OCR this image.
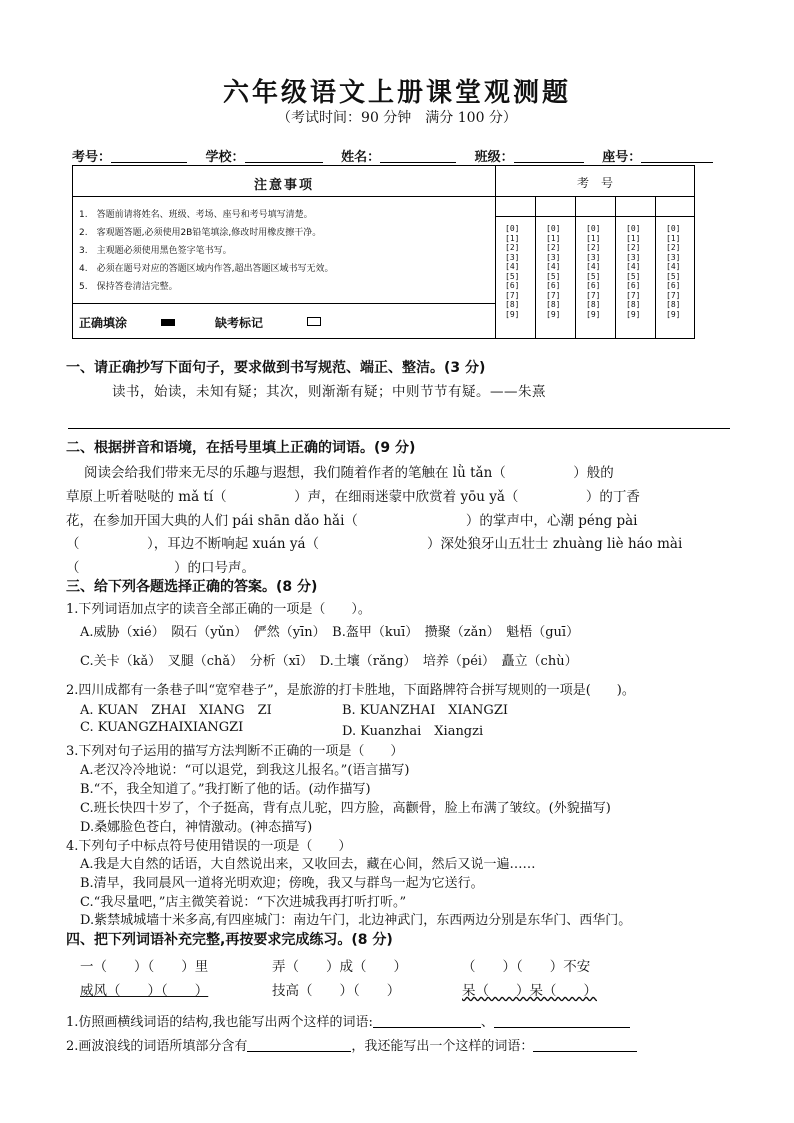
六年级语文上册课堂观测题
（考试时间：90 分钟　满分 100 分）
考号：	学校：	姓名：	班级：	座号：
注意事项	考　号
1.　答题前请将姓名、班级、考场、座号和考号填写清楚。
2.　客观题答题,必须使用2B铅笔填涂,修改时用橡皮擦干净。
3.　主观题必须使用黑色签字笔书写。
4.　必须在题号对应的答题区域内作答,超出答题区域书写无效。
5.　保持答卷清洁完整。
正确填涂	缺考标记
[0]
[1]
[2]
[3]
[4]
[5]
[6]
[7]
[8]
[9]
[0]
[1]
[2]
[3]
[4]
[5]
[6]
[7]
[8]
[9]
[0]
[1]
[2]
[3]
[4]
[5]
[6]
[7]
[8]
[9]
[0]
[1]
[2]
[3]
[4]
[5]
[6]
[7]
[8]
[9]
[0]
[1]
[2]
[3]
[4]
[5]
[6]
[7]
[8]
[9]
一、请正确抄写下面句子，要求做到书写规范、端正、整洁。(3 分)
读书，始读，未知有疑；其次，则渐渐有疑；中则节节有疑。——朱熹
二、根据拼音和语境，在括号里填上正确的词语。(9 分)
阅读会给我们带来无尽的乐趣与遐想，我们随着作者的笔触在 lǜ tǎn（　　　　　）般的
草原上听着哒哒的 mǎ tí（　　　　　）声，在细雨迷蒙中欣赏着 yōu yǎ（　　　　　）的丁香
花，在参加开国大典的人们 pái shān dǎo hǎi（　　　　　　　　）的掌声中，心潮 péng pài
（　　　　　），耳边不断响起 xuán yá（　　　　　　　　）深处狼牙山五壮士 zhuàng liè háo mài
（　　　　　　　）的口号声。
三、给下列各题选择正确的答案。(8 分)
1.下列词语加点字的读音全部正确的一项是（　　）。
A.威胁（xié）　陨石（yǔn）　俨然（yīn）　B.盔甲（kuī）　攒聚（zǎn）　魁梧（guī）
C.关卡（kǎ）　叉腿（chǎ）　分析（xī）　D.土壤（rǎng）　培养（péi）　矗立（chù）
2.四川成都有一条巷子叫“宽窄巷子”，是旅游的打卡胜地，下面路牌符合拼写规则的一项是(　　)。
A. KUAN　ZHAI　XIANG　ZI	B. KUANZHAI　XIANGZI
C. KUANGZHAIXIANGZI	D. Kuanzhai　Xiangzi
3.下列对句子运用的描写方法判断不正确的一项是（　　）
A.老汉冷冷地说：“可以退党，到我这儿报名。”(语言描写)
B.“不，我全知道了。”我打断了他的话。(动作描写)
C.班长快四十岁了，个子挺高，背有点儿驼，四方脸，高颧骨，脸上布满了皱纹。(外貌描写)
D.桑娜脸色苍白，神情激动。(神态描写)
4.下列句子中标点符号使用错误的一项是（　　）
A.我是大自然的话语，大自然说出来，又收回去，藏在心间，然后又说一遍……
B.清早，我同晨风一道将光明欢迎；傍晚，我又与群鸟一起为它送行。
C.“我尽量吧，”店主微笑着说：“下次进城我再打听打听。”
D.紫禁城城墙十米多高,有四座城门：南边午门，北边神武门，东西两边分别是东华门、西华门。
四、把下列词语补充完整,再按要求完成练习。(8 分)
一（　　）（　　）里	弄（　　）成（　　）	（　　）（　　）不安
威风（　　）（　　）	技高（　　）（　　）	呆（　　）呆（　　）
1.仿照画横线词语的结构,我也能写出两个这样的词语:	、
2.画波浪线的词语所填部分含有	，我还能写出一个这样的词语：
